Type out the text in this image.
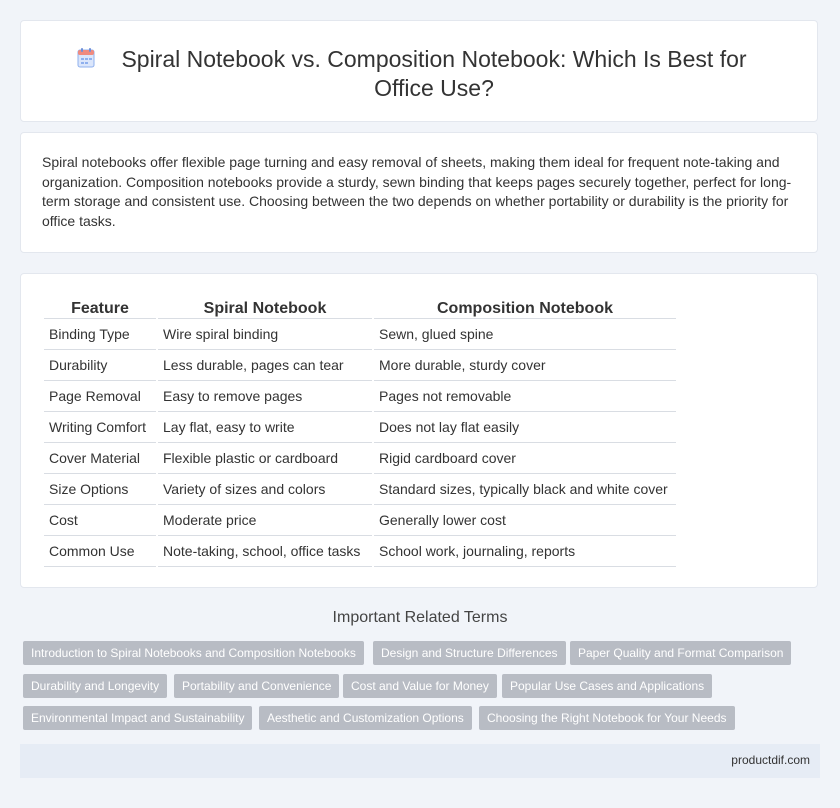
Spiral Notebook vs. Composition Notebook: Which Is Best for Office Use?
Spiral notebooks offer flexible page turning and easy removal of sheets, making them ideal for frequent note-taking and organization. Composition notebooks provide a sturdy, sewn binding that keeps pages securely together, perfect for long-term storage and consistent use. Choosing between the two depends on whether portability or durability is the priority for office tasks.
Feature	Spiral Notebook	Composition Notebook
Binding Type	Wire spiral binding	Sewn, glued spine
Durability	Less durable, pages can tear	More durable, sturdy cover
Page Removal	Easy to remove pages	Pages not removable
Writing Comfort	Lay flat, easy to write	Does not lay flat easily
Cover Material	Flexible plastic or cardboard	Rigid cardboard cover
Size Options	Variety of sizes and colors	Standard sizes, typically black and white cover
Cost	Moderate price	Generally lower cost
Common Use	Note-taking, school, office tasks	School work, journaling, reports
Important Related Terms
Introduction to Spiral Notebooks and Composition Notebooks	Design and Structure Differences	Paper Quality and Format Comparison
Durability and Longevity	Portability and Convenience	Cost and Value for Money	Popular Use Cases and Applications
Environmental Impact and Sustainability	Aesthetic and Customization Options	Choosing the Right Notebook for Your Needs
productdif.com
